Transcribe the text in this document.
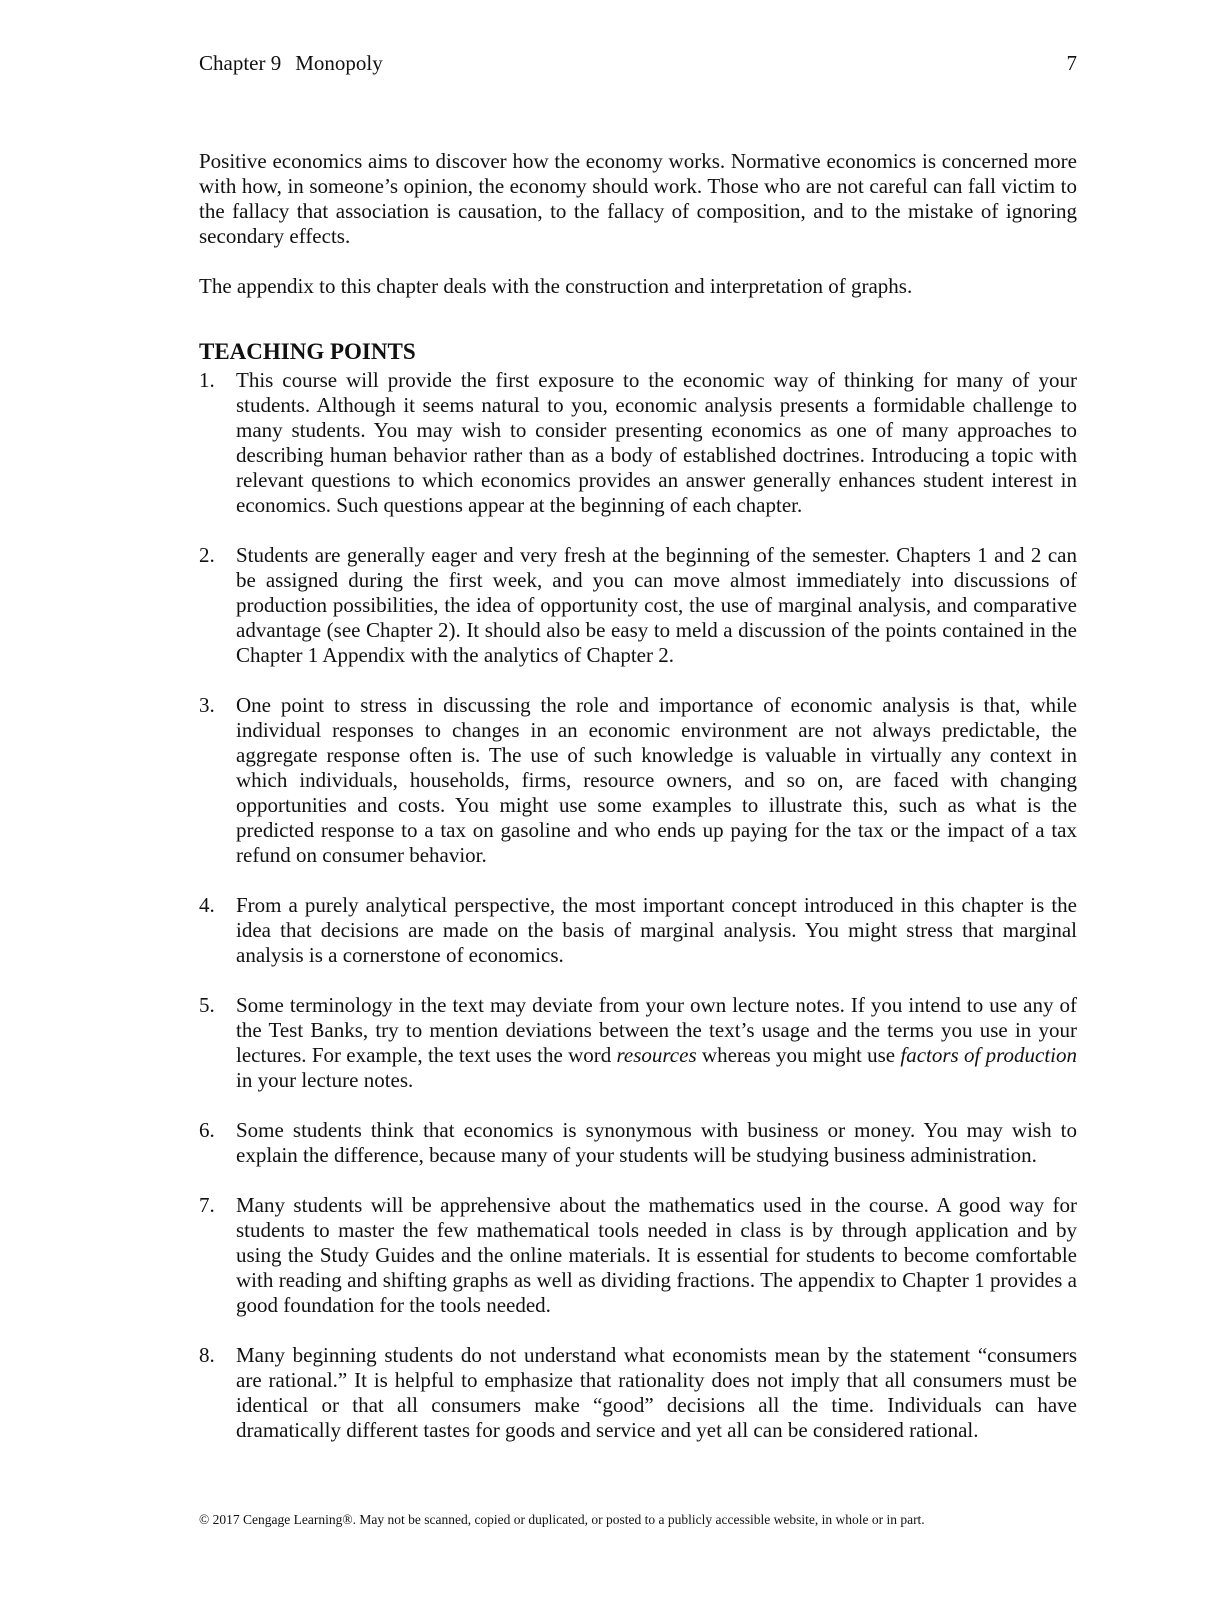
Chapter 9 Monopoly	7

Positive economics aims to discover how the economy works. Normative economics is concerned more with how, in someone’s opinion, the economy should work. Those who are not careful can fall victim to the fallacy that association is causation, to the fallacy of composition, and to the mistake of ignoring secondary effects.

The appendix to this chapter deals with the construction and interpretation of graphs.

TEACHING POINTS
1. This course will provide the first exposure to the economic way of thinking for many of your students. Although it seems natural to you, economic analysis presents a formidable challenge to many students. You may wish to consider presenting economics as one of many approaches to describing human behavior rather than as a body of established doctrines. Introducing a topic with relevant questions to which economics provides an answer generally enhances student interest in economics. Such questions appear at the beginning of each chapter.
2. Students are generally eager and very fresh at the beginning of the semester. Chapters 1 and 2 can be assigned during the first week, and you can move almost immediately into discussions of production possibilities, the idea of opportunity cost, the use of marginal analysis, and comparative advantage (see Chapter 2). It should also be easy to meld a discussion of the points contained in the Chapter 1 Appendix with the analytics of Chapter 2.
3. One point to stress in discussing the role and importance of economic analysis is that, while individual responses to changes in an economic environment are not always predictable, the aggregate response often is. The use of such knowledge is valuable in virtually any context in which individuals, households, firms, resource owners, and so on, are faced with changing opportunities and costs. You might use some examples to illustrate this, such as what is the predicted response to a tax on gasoline and who ends up paying for the tax or the impact of a tax refund on consumer behavior.
4. From a purely analytical perspective, the most important concept introduced in this chapter is the idea that decisions are made on the basis of marginal analysis. You might stress that marginal analysis is a cornerstone of economics.
5. Some terminology in the text may deviate from your own lecture notes. If you intend to use any of the Test Banks, try to mention deviations between the text’s usage and the terms you use in your lectures. For example, the text uses the word resources whereas you might use factors of production in your lecture notes.
6. Some students think that economics is synonymous with business or money. You may wish to explain the difference, because many of your students will be studying business administration.
7. Many students will be apprehensive about the mathematics used in the course. A good way for students to master the few mathematical tools needed in class is by through application and by using the Study Guides and the online materials. It is essential for students to become comfortable with reading and shifting graphs as well as dividing fractions. The appendix to Chapter 1 provides a good foundation for the tools needed.
8. Many beginning students do not understand what economists mean by the statement “consumers are rational.” It is helpful to emphasize that rationality does not imply that all consumers must be identical or that all consumers make “good” decisions all the time. Individuals can have dramatically different tastes for goods and service and yet all can be considered rational.
© 2017 Cengage Learning®. May not be scanned, copied or duplicated, or posted to a publicly accessible website, in whole or in part.
